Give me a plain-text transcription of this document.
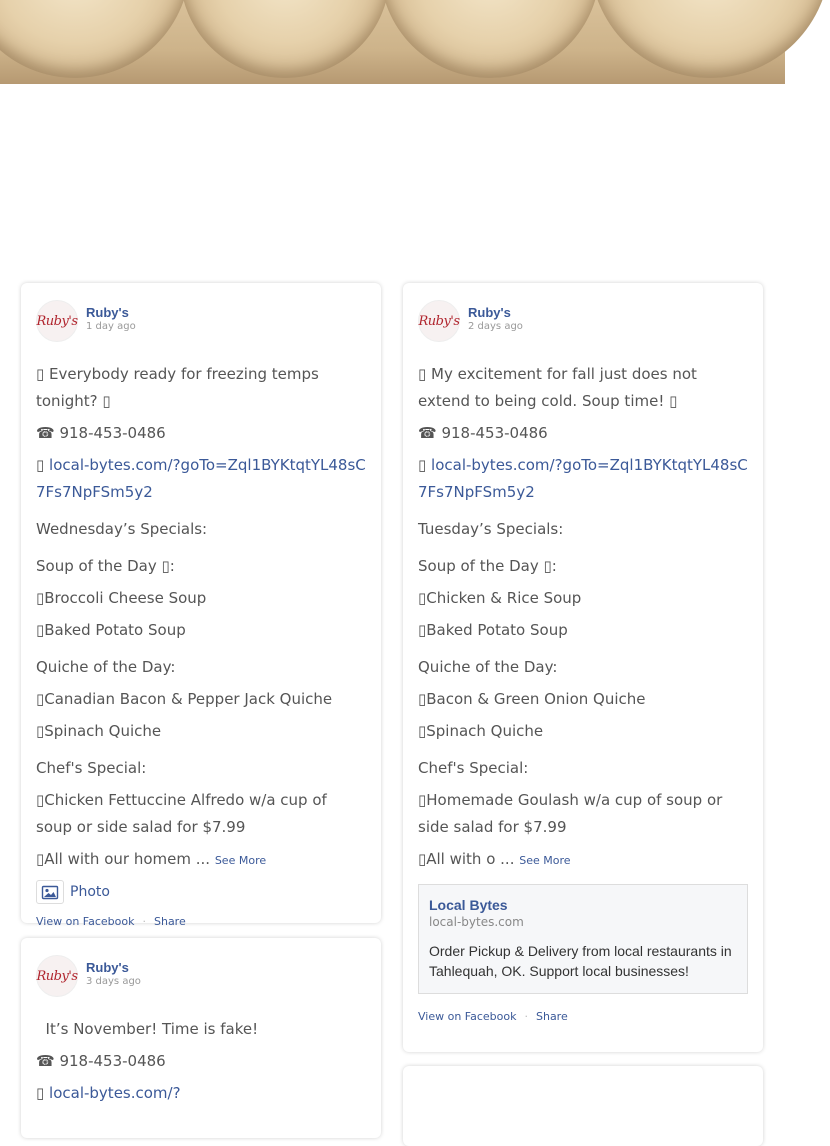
Ruby's
Ruby's
1 day ago

▯ Everybody ready for freezing temps tonight? ▯

☎ 918-453-0486

▯ local-bytes.com/?goTo=Zql1BYKtqtYL48sC7Fs7NpFSm5y2

Wednesday’s Specials:

Soup of the Day ▯:

▯Broccoli Cheese Soup

▯Baked Potato Soup

Quiche of the Day:

▯Canadian Bacon & Pepper Jack Quiche

▯Spinach Quiche

Chef's Special:

▯Chicken Fettuccine Alfredo w/a cup of soup or side salad for $7.99

▯All with our homem ... See More

Photo
View on Facebook · Share
Ruby's
Ruby's
2 days ago

▯ My excitement for fall just does not extend to being cold. Soup time! ▯

☎ 918-453-0486

▯ local-bytes.com/?goTo=Zql1BYKtqtYL48sC7Fs7NpFSm5y2

Tuesday’s Specials:

Soup of the Day ▯:

▯Chicken & Rice Soup

▯Baked Potato Soup

Quiche of the Day:

▯Bacon & Green Onion Quiche

▯Spinach Quiche

Chef's Special:

▯Homemade Goulash w/a cup of soup or side salad for $7.99

▯All with o ... See More

Local Bytes
local-bytes.com
Order Pickup & Delivery from local restaurants in Tahlequah, OK. Support local businesses!
View on Facebook · Share
Ruby's
Ruby's
3 days ago

It’s November! Time is fake!

☎ 918-453-0486

▯ local-bytes.com/?
